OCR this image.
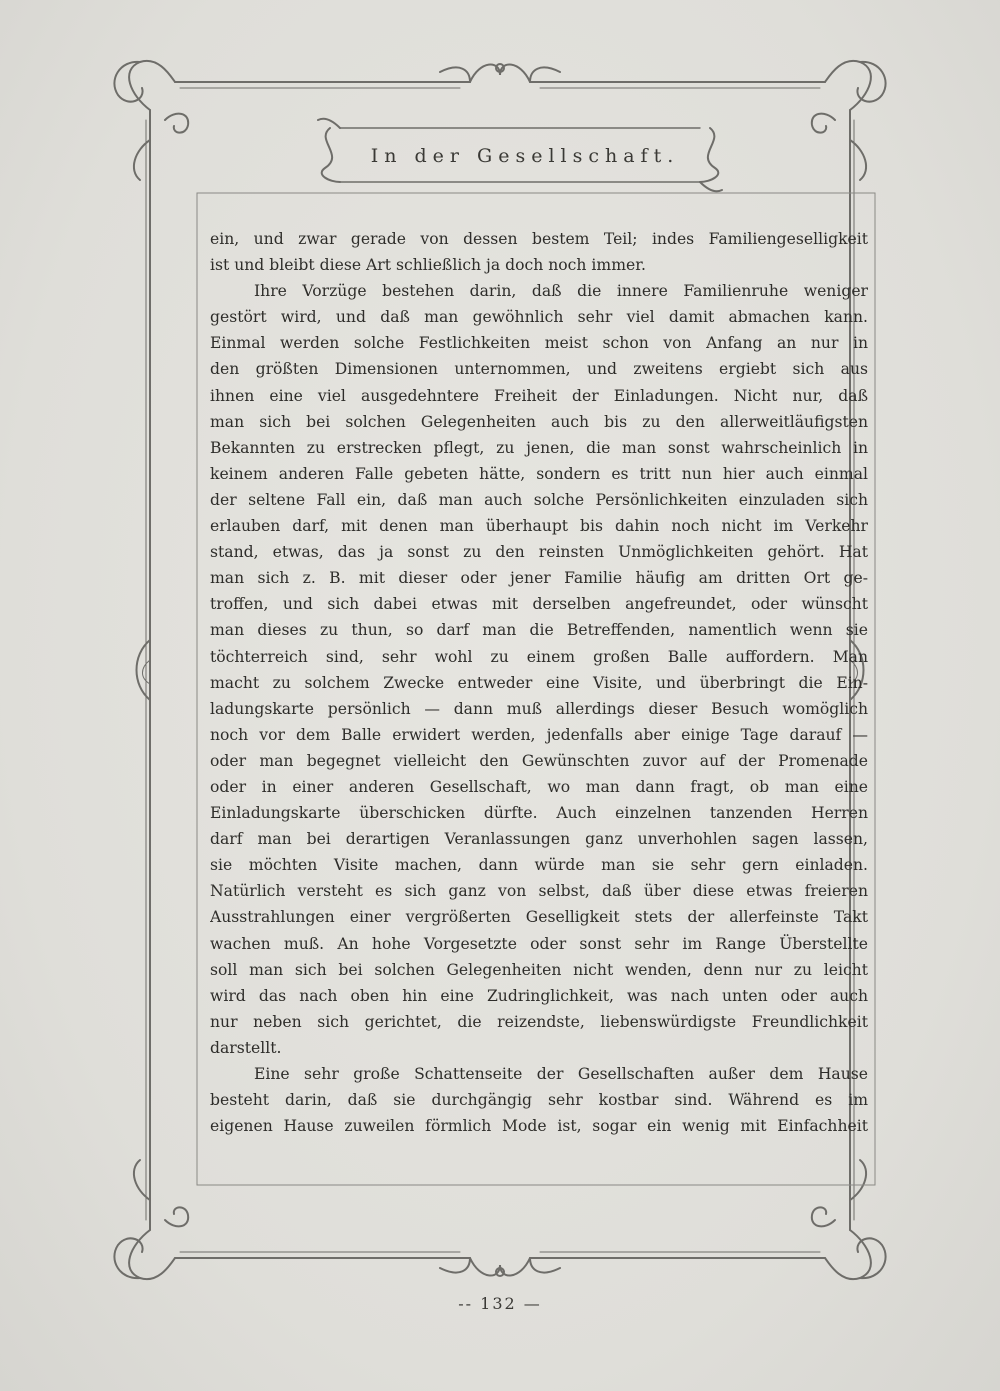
In der Gesellschaft.
ein, und zwar gerade von dessen bestem Teil; indes Familiengeselligkeit
ist und bleibt diese Art schließlich ja doch noch immer.
Ihre Vorzüge bestehen darin, daß die innere Familienruhe weniger
gestört wird, und daß man gewöhnlich sehr viel damit abmachen kann.
Einmal werden solche Festlichkeiten meist schon von Anfang an nur in
den größten Dimensionen unternommen, und zweitens ergiebt sich aus
ihnen eine viel ausgedehntere Freiheit der Einladungen. Nicht nur, daß
man sich bei solchen Gelegenheiten auch bis zu den allerweitläufigsten
Bekannten zu erstrecken pflegt, zu jenen, die man sonst wahrscheinlich in
keinem anderen Falle gebeten hätte, sondern es tritt nun hier auch einmal
der seltene Fall ein, daß man auch solche Persönlichkeiten einzuladen sich
erlauben darf, mit denen man überhaupt bis dahin noch nicht im Verkehr
stand, etwas, das ja sonst zu den reinsten Unmöglichkeiten gehört. Hat
man sich z. B. mit dieser oder jener Familie häufig am dritten Ort ge-
troffen, und sich dabei etwas mit derselben angefreundet, oder wünscht
man dieses zu thun, so darf man die Betreffenden, namentlich wenn sie
töchterreich sind, sehr wohl zu einem großen Balle auffordern. Man
macht zu solchem Zwecke entweder eine Visite, und überbringt die Ein-
ladungskarte persönlich — dann muß allerdings dieser Besuch womöglich
noch vor dem Balle erwidert werden, jedenfalls aber einige Tage darauf —
oder man begegnet vielleicht den Gewünschten zuvor auf der Promenade
oder in einer anderen Gesellschaft, wo man dann fragt, ob man eine
Einladungskarte überschicken dürfte. Auch einzelnen tanzenden Herren
darf man bei derartigen Veranlassungen ganz unverhohlen sagen lassen,
sie möchten Visite machen, dann würde man sie sehr gern einladen.
Natürlich versteht es sich ganz von selbst, daß über diese etwas freieren
Ausstrahlungen einer vergrößerten Geselligkeit stets der allerfeinste Takt
wachen muß. An hohe Vorgesetzte oder sonst sehr im Range Überstellte
soll man sich bei solchen Gelegenheiten nicht wenden, denn nur zu leicht
wird das nach oben hin eine Zudringlichkeit, was nach unten oder auch
nur neben sich gerichtet, die reizendste, liebenswürdigste Freundlichkeit
darstellt.
Eine sehr große Schattenseite der Gesellschaften außer dem Hause
besteht darin, daß sie durchgängig sehr kostbar sind. Während es im
eigenen Hause zuweilen förmlich Mode ist, sogar ein wenig mit Einfachheit
-- 132 —
